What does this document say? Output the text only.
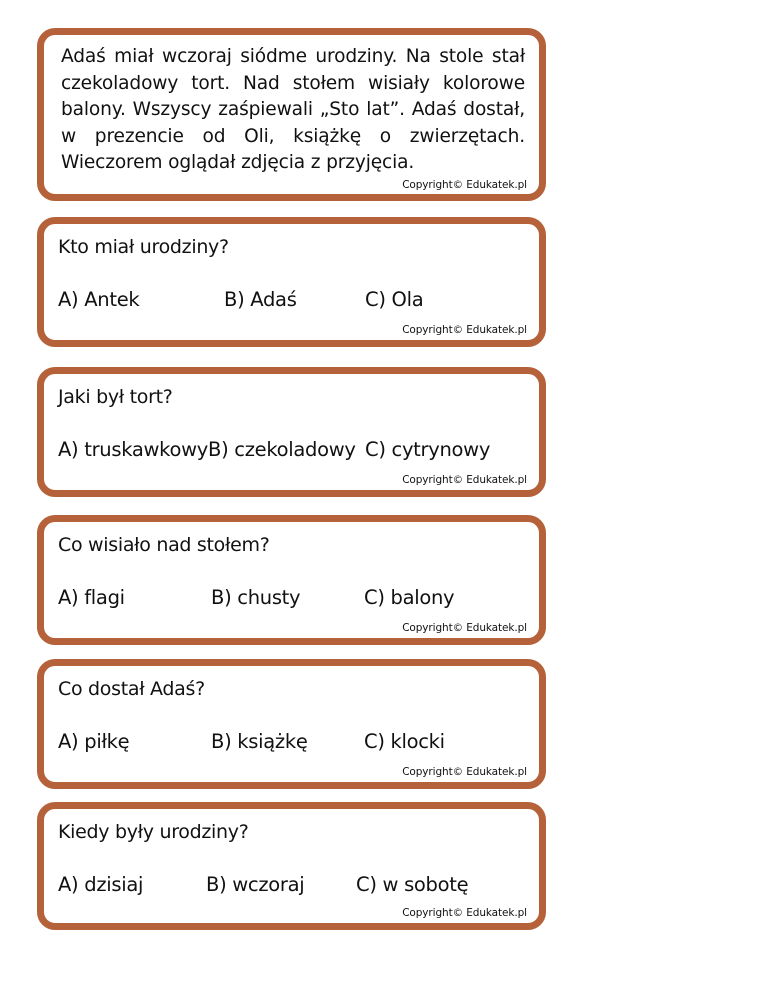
Adaś miał wczoraj siódme urodziny. Na stole stał czekoladowy tort. Nad stołem wisiały kolorowe balony. Wszyscy zaśpiewali „Sto lat”. Adaś dostał, w prezencie od Oli, książkę o zwierzętach. Wieczorem oglądał zdjęcia z przyjęcia.

Copyright© Edukatek.pl
Kto miał urodziny?
A) Antek	B) Adaś	C) Ola
Copyright© Edukatek.pl
Jaki był tort?
A) truskawkowy B) czekoladowy C) cytrynowy
Copyright© Edukatek.pl
Co wisiało nad stołem?
A) flagi	B) chusty	C) balony
Copyright© Edukatek.pl
Co dostał Adaś?
A) piłkę	B) książkę	C) klocki
Copyright© Edukatek.pl
Kiedy były urodziny?
A) dzisiaj	B) wczoraj	C) w sobotę
Copyright© Edukatek.pl
